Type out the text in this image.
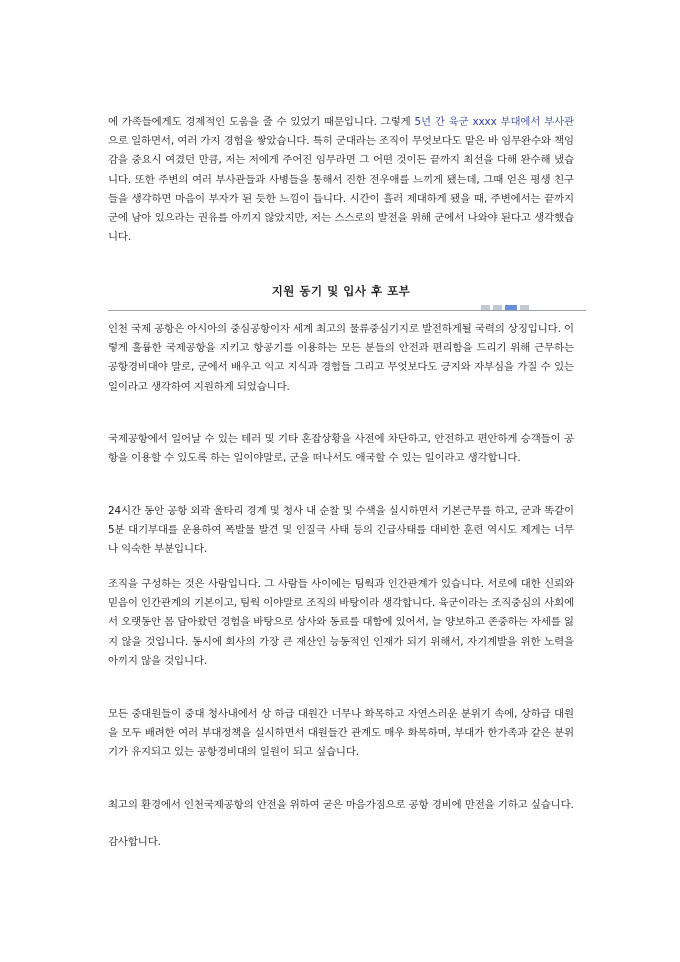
에 가족들에게도 경제적인 도움을 줄 수 있었기 때문입니다. 그렇게 5년 간 육군 xxxx 부대에서 부사관으로 일하면서, 여러 가지 경험을 쌓았습니다. 특히 군대라는 조직이 무엇보다도 맡은 바 임무완수와 책임감을 중요시 여겼던 만큼, 저는 저에게 주어진 임무라면 그 어떤 것이든 끝까지 최선을 다해 완수해 냈습니다. 또한 주변의 여러 부사관들과 사병들을 통해서 진한 전우애를 느끼게 됐는데, 그때 얻은 평생 친구들을 생각하면 마음이 부자가 된 듯한 느낌이 듭니다. 시간이 흘러 제대하게 됐을 때, 주변에서는 끝까지 군에 남아 있으라는 권유를 아끼지 않았지만, 저는 스스로의 발전을 위해 군에서 나와야 된다고 생각했습니다.

지원 동기 및 입사 후 포부

인천 국제 공항은 아시아의 중심공항이자 세계 최고의 물류중심기지로 발전하게될 국력의 상징입니다. 이렇게 훌륭한 국제공항을 지키고 항공기를 이용하는 모든 분들의 안전과 편리함을 드리기 위해 근무하는 공항경비대야 말로, 군에서 배우고 익고 지식과 경험들 그리고 무엇보다도 긍지와 자부심을 가질 수 있는 일이라고 생각하여 지원하게 되었습니다.

국제공항에서 일어날 수 있는 테러 및 기타 혼잡상황을 사전에 차단하고, 안전하고 편안하게 승객들이 공항을 이용할 수 있도록 하는 일이야말로, 군을 떠나서도 애국할 수 있는 일이라고 생각합니다.

24시간 동안 공항 외곽 울타리 경계 및 청사 내 순찰 및 수색을 실시하면서 기본근무를 하고, 군과 똑같이 5분 대기부대를 운용하여 폭발물 발견 및 인질극 사태 등의 긴급사태를 대비한 훈련 역시도 제게는 너무나 익숙한 부분입니다.

조직을 구성하는 것은 사람입니다. 그 사람들 사이에는 팀웍과 인간관계가 있습니다. 서로에 대한 신뢰와 믿음이 인간관계의 기본이고, 팀웍 이야말로 조직의 바탕이라 생각합니다. 육군이라는 조직중심의 사회에서 오랫동안 몸 담아왔던 경험을 바탕으로 상사와 동료를 대함에 있어서, 늘 양보하고 존중하는 자세를 잃지 않을 것입니다. 동시에 회사의 가장 큰 재산인 능동적인 인재가 되기 위해서, 자기계발을 위한 노력을 아끼지 않을 것입니다.

모든 중대원들이 중대 청사내에서 상 하급 대원간 너무나 화목하고 자연스러운 분위기 속에, 상하급 대원을 모두 배려한 여러 부대정책을 실시하면서 대원들간 관계도 매우 화목하며, 부대가 한가족과 같은 분위기가 유지되고 있는 공항경비대의 일원이 되고 싶습니다.

최고의 환경에서 인천국제공항의 안전을 위하여 굳은 마음가짐으로 공항 경비에 만전을 기하고 싶습니다.

감사합니다.
